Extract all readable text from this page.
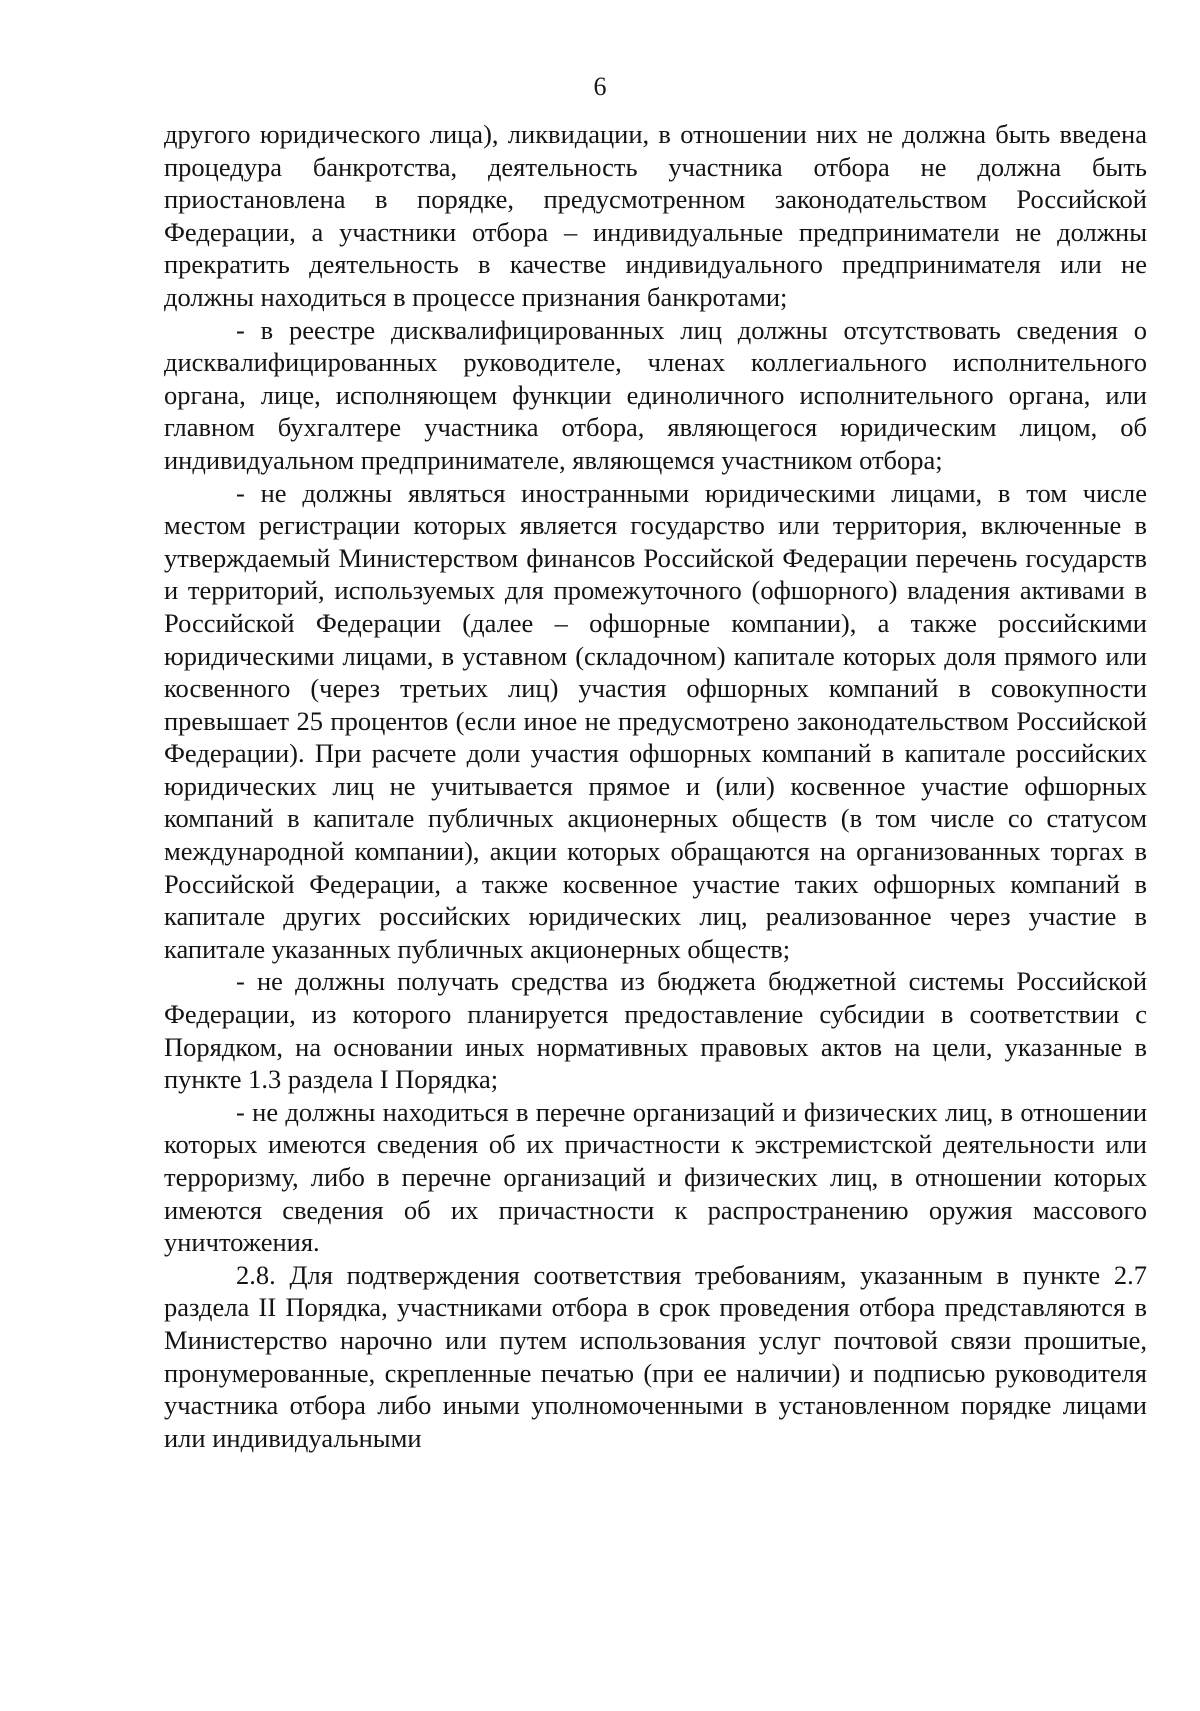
6

другого юридического лица), ликвидации, в отношении них не должна быть введена процедура банкротства, деятельность участника отбора не должна быть приостановлена в порядке, предусмотренном законодательством Российской Федерации, а участники отбора – индивидуальные предприниматели не должны прекратить деятельность в качестве индивидуального предпринимателя или не должны находиться в процессе признания банкротами;

- в реестре дисквалифицированных лиц должны отсутствовать сведения о дисквалифицированных руководителе, членах коллегиального исполнительного органа, лице, исполняющем функции единоличного исполнительного органа, или главном бухгалтере участника отбора, являющегося юридическим лицом, об индивидуальном предпринимателе, являющемся участником отбора;

- не должны являться иностранными юридическими лицами, в том числе местом регистрации которых является государство или территория, включенные в утверждаемый Министерством финансов Российской Федерации перечень государств и территорий, используемых для промежуточного (офшорного) владения активами в Российской Федерации (далее – офшорные компании), а также российскими юридическими лицами, в уставном (складочном) капитале которых доля прямого или косвенного (через третьих лиц) участия офшорных компаний в совокупности превышает 25 процентов (если иное не предусмотрено законодательством Российской Федерации). При расчете доли участия офшорных компаний в капитале российских юридических лиц не учитывается прямое и (или) косвенное участие офшорных компаний в капитале публичных акционерных обществ (в том числе со статусом международной компании), акции которых обращаются на организованных торгах в Российской Федерации, а также косвенное участие таких офшорных компаний в капитале других российских юридических лиц, реализованное через участие в капитале указанных публичных акционерных обществ;

- не должны получать средства из бюджета бюджетной системы Российской Федерации, из которого планируется предоставление субсидии в соответствии с Порядком, на основании иных нормативных правовых актов на цели, указанные в пункте 1.3 раздела I Порядка;

- не должны находиться в перечне организаций и физических лиц, в отношении которых имеются сведения об их причастности к экстремистской деятельности или терроризму, либо в перечне организаций и физических лиц, в отношении которых имеются сведения об их причастности к распространению оружия массового уничтожения.

2.8. Для подтверждения соответствия требованиям, указанным в пункте 2.7 раздела II Порядка, участниками отбора в срок проведения отбора представляются в Министерство нарочно или путем использования услуг почтовой связи прошитые, пронумерованные, скрепленные печатью (при ее наличии) и подписью руководителя участника отбора либо иными уполномоченными в установленном порядке лицами или индивидуальными
